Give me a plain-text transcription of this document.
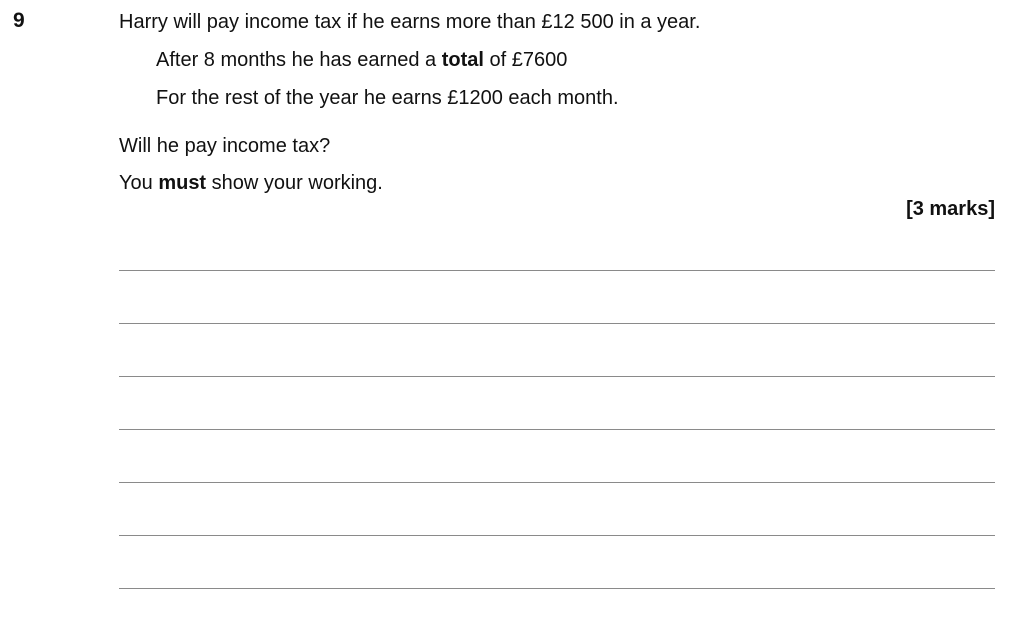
9	Harry will pay income tax if he earns more than £12 500 in a year.
After 8 months he has earned a total of £7600
For the rest of the year he earns £1200 each month.
Will he pay income tax?
You must show your working.
[3 marks]
